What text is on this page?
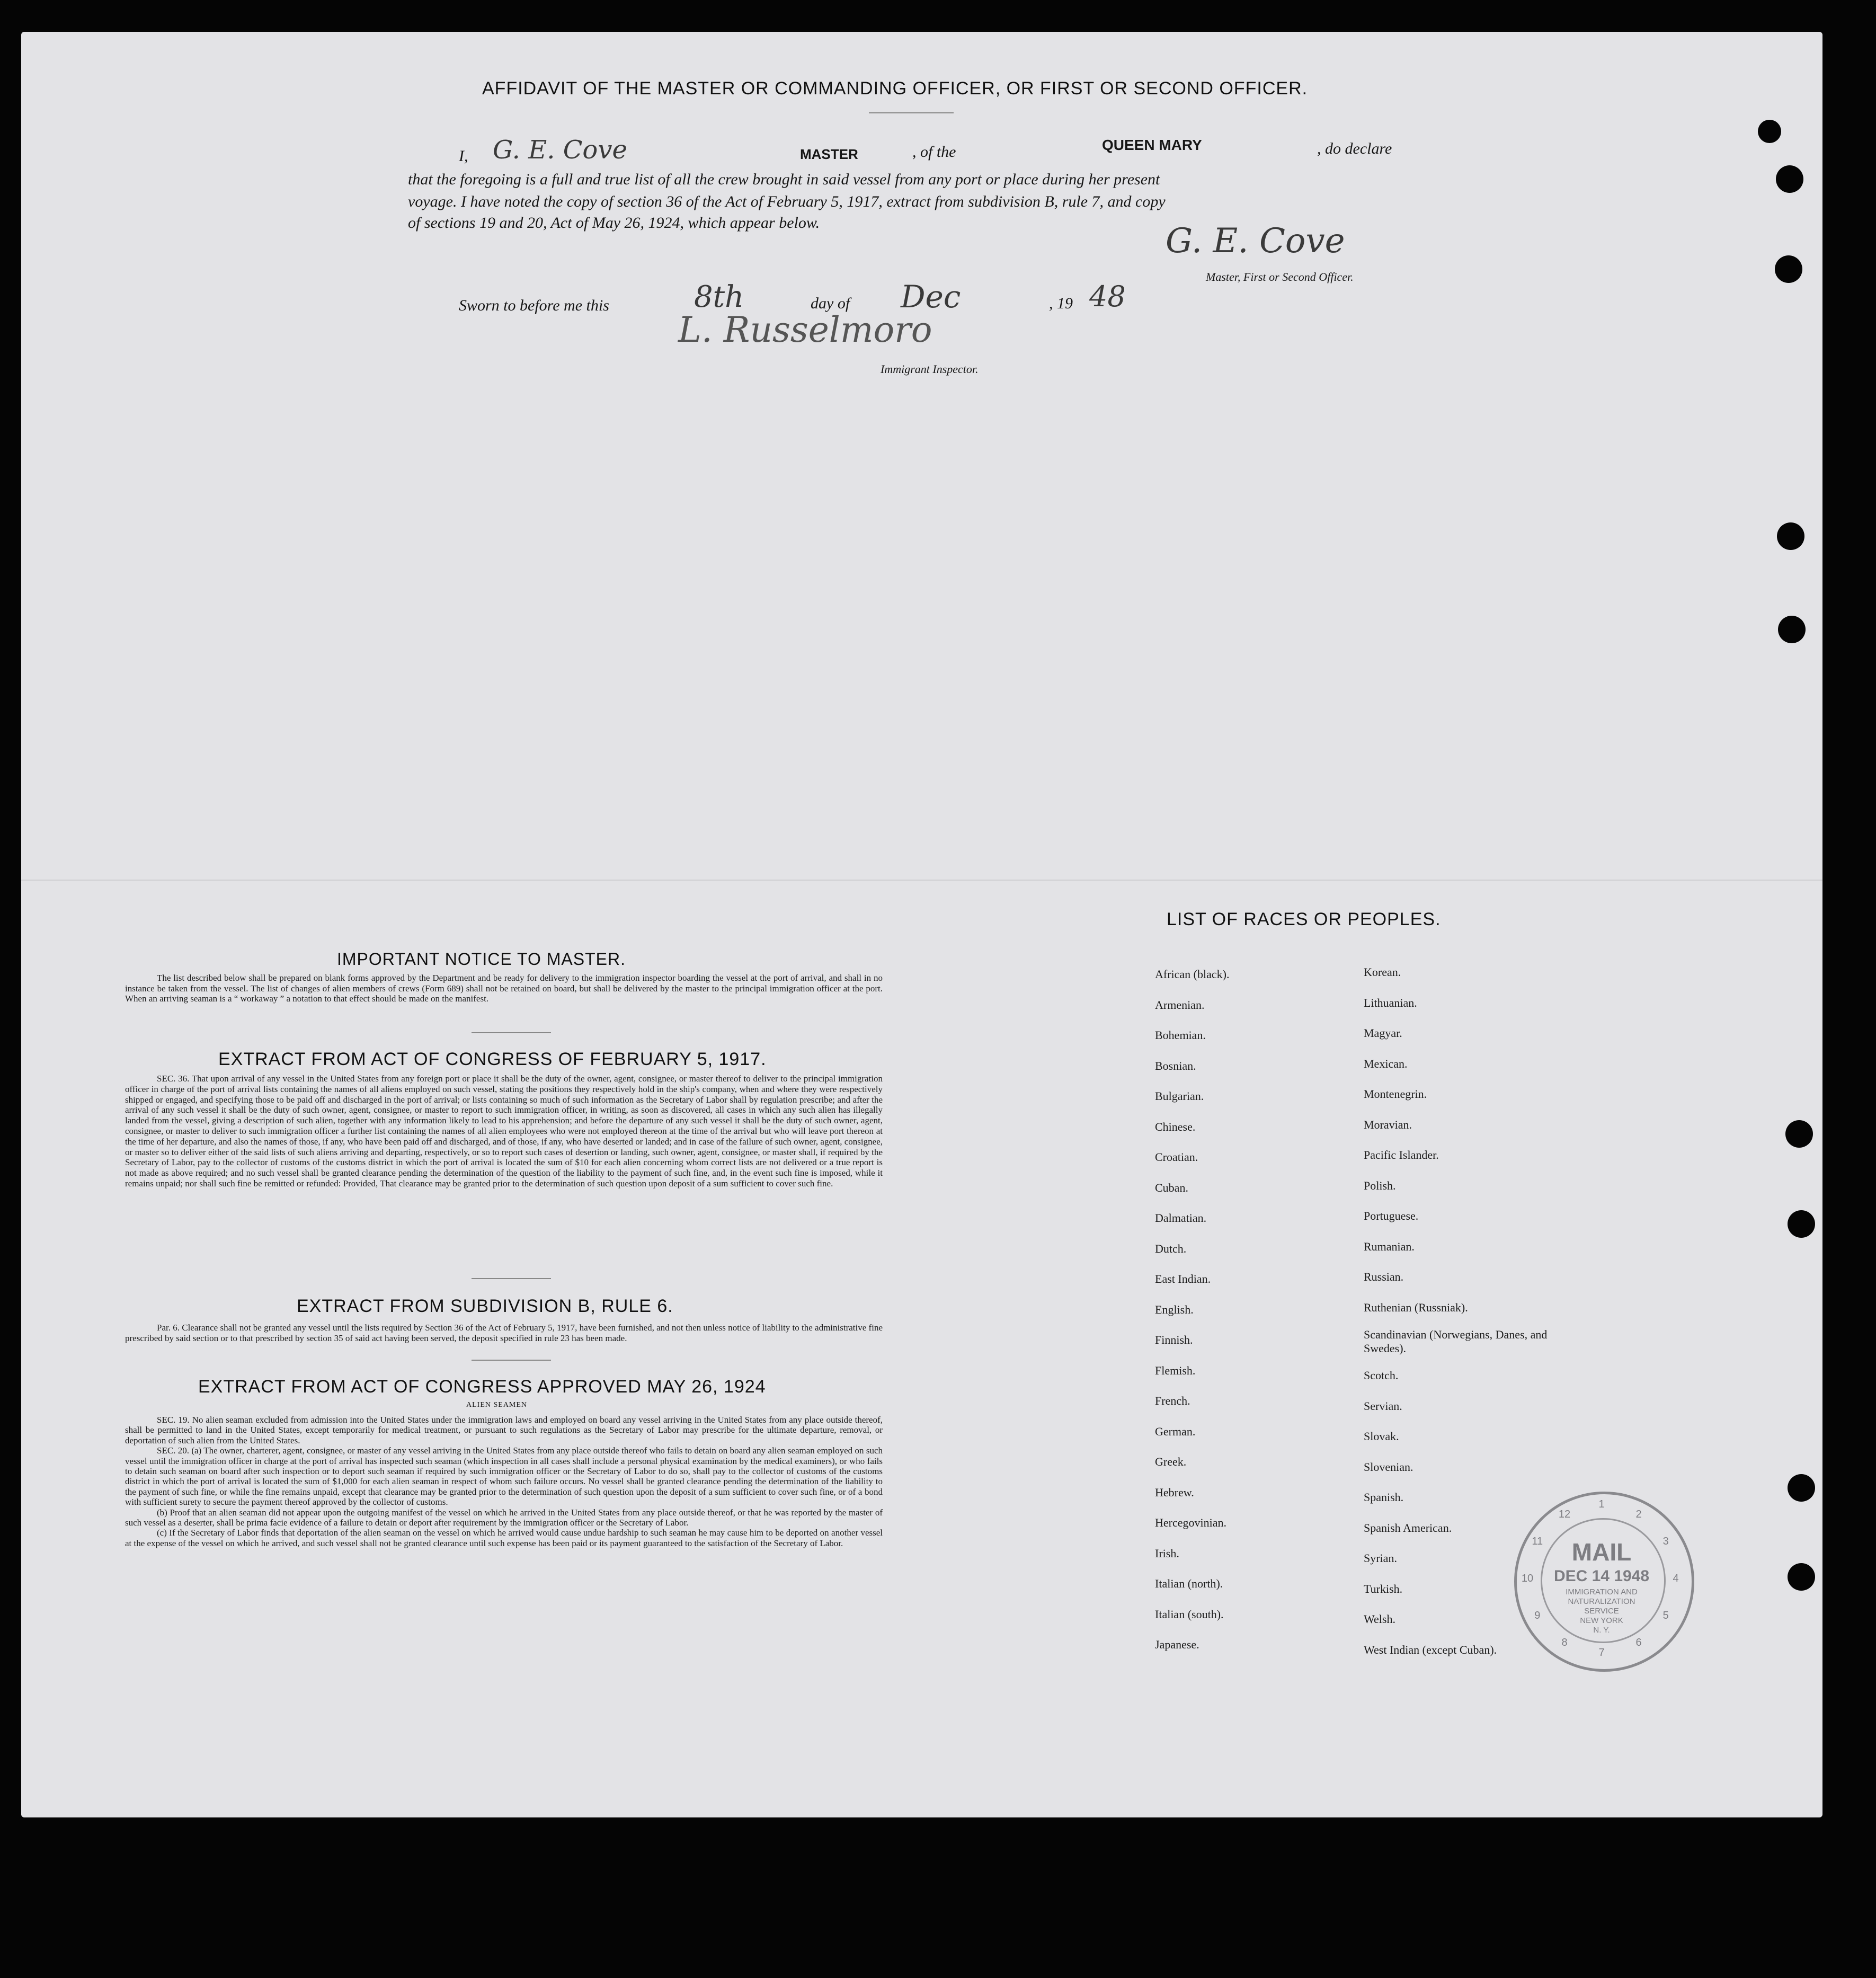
AFFIDAVIT OF THE MASTER OR COMMANDING OFFICER, OR FIRST OR SECOND OFFICER.
I, G. E. Cove	MASTER	, of the	QUEEN MARY	, do declare
that the foregoing is a full and true list of all the crew brought in said vessel from any port or place during her present
voyage. I have noted the copy of section 36 of the Act of February 5, 1917, extract from subdivision B, rule 7, and copy
of sections 19 and 20, Act of May 26, 1924, which appear below.	G. E. Cove
Master, First or Second Officer.
Sworn to before me this	8th	day of Dec	, 19 48
L. Russelmoro
Immigrant Inspector.
IMPORTANT NOTICE TO MASTER.

The list described below shall be prepared on blank forms approved by the Department and be ready for delivery to the immigration inspector boarding the vessel at the port of arrival, and shall in no instance be taken from the vessel. The list of changes of alien members of crews (Form 689) shall not be retained on board, but shall be delivered by the master to the principal immigration officer at the port. When an arriving seaman is a “ workaway ” a notation to that effect should be made on the manifest.

EXTRACT FROM ACT OF CONGRESS OF FEBRUARY 5, 1917.

SEC. 36. That upon arrival of any vessel in the United States from any foreign port or place it shall be the duty of the owner, agent, consignee, or master thereof to deliver to the principal immigration officer in charge of the port of arrival lists containing the names of all aliens employed on such vessel, stating the positions they respectively hold in the ship's company, when and where they were respectively shipped or engaged, and specifying those to be paid off and discharged in the port of arrival; or lists containing so much of such information as the Secretary of Labor shall by regulation prescribe; and after the arrival of any such vessel it shall be the duty of such owner, agent, consignee, or master to report to such immigration officer, in writing, as soon as discovered, all cases in which any such alien has illegally landed from the vessel, giving a description of such alien, together with any information likely to lead to his apprehension; and before the departure of any such vessel it shall be the duty of such owner, agent, consignee, or master to deliver to such immigration officer a further list containing the names of all alien employees who were not employed thereon at the time of the arrival but who will leave port thereon at the time of her departure, and also the names of those, if any, who have been paid off and discharged, and of those, if any, who have deserted or landed; and in case of the failure of such owner, agent, consignee, or master so to deliver either of the said lists of such aliens arriving and departing, respectively, or so to report such cases of desertion or landing, such owner, agent, consignee, or master shall, if required by the Secretary of Labor, pay to the collector of customs of the customs district in which the port of arrival is located the sum of $10 for each alien concerning whom correct lists are not delivered or a true report is not made as above required; and no such vessel shall be granted clearance pending the determination of the question of the liability to the payment of such fine, and, in the event such fine is imposed, while it remains unpaid; nor shall such fine be remitted or refunded: Provided, That clearance may be granted prior to the determination of such question upon deposit of a sum sufficient to cover such fine.

EXTRACT FROM SUBDIVISION B, RULE 6.

Par. 6. Clearance shall not be granted any vessel until the lists required by Section 36 of the Act of February 5, 1917, have been furnished, and not then unless notice of liability to the administrative fine prescribed by said section or to that prescribed by section 35 of said act having been served, the deposit specified in rule 23 has been made.

EXTRACT FROM ACT OF CONGRESS APPROVED MAY 26, 1924
ALIEN SEAMEN

SEC. 19. No alien seaman excluded from admission into the United States under the immigration laws and employed on board any vessel arriving in the United States from any place outside thereof, shall be permitted to land in the United States, except temporarily for medical treatment, or pursuant to such regulations as the Secretary of Labor may prescribe for the ultimate departure, removal, or deportation of such alien from the United States.

SEC. 20. (a) The owner, charterer, agent, consignee, or master of any vessel arriving in the United States from any place outside thereof who fails to detain on board any alien seaman employed on such vessel until the immigration officer in charge at the port of arrival has inspected such seaman (which inspection in all cases shall include a personal physical examination by the medical examiners), or who fails to detain such seaman on board after such inspection or to deport such seaman if required by such immigration officer or the Secretary of Labor to do so, shall pay to the collector of customs of the customs district in which the port of arrival is located the sum of $1,000 for each alien seaman in respect of whom such failure occurs. No vessel shall be granted clearance pending the determination of the liability to the payment of such fine, or while the fine remains unpaid, except that clearance may be granted prior to the determination of such question upon the deposit of a sum sufficient to cover such fine, or of a bond with sufficient surety to secure the payment thereof approved by the collector of customs.

(b) Proof that an alien seaman did not appear upon the outgoing manifest of the vessel on which he arrived in the United States from any place outside thereof, or that he was reported by the master of such vessel as a deserter, shall be prima facie evidence of a failure to detain or deport after requirement by the immigration officer or the Secretary of Labor.

(c) If the Secretary of Labor finds that deportation of the alien seaman on the vessel on which he arrived would cause undue hardship to such seaman he may cause him to be deported on another vessel at the expense of the vessel on which he arrived, and such vessel shall not be granted clearance until such expense has been paid or its payment guaranteed to the satisfaction of the Secretary of Labor.

LIST OF RACES OR PEOPLES.
African (black).
Armenian.
Bohemian.
Bosnian.
Bulgarian.
Chinese.
Croatian.
Cuban.
Dalmatian.
Dutch.
East Indian.
English.
Finnish.
Flemish.
French.
German.
Greek.
Hebrew.
Hercegovinian.
Irish.
Italian (north).
Italian (south).
Japanese.
Korean.
Lithuanian.
Magyar.
Mexican.
Montenegrin.
Moravian.
Pacific Islander.
Polish.
Portuguese.
Rumanian.
Russian.
Ruthenian (Russniak).
Scandinavian (Norwegians, Danes, and Swedes).
Scotch.
Servian.
Slovak.
Slovenian.
Spanish.
Spanish American.
Syrian.
Turkish.
Welsh.
West Indian (except Cuban).
1
2
3
4
5
6
7
8
9
10
11
12
MAIL
DEC 14 1948
IMMIGRATION AND
NATURALIZATION
SERVICE
NEW YORK
N. Y.
